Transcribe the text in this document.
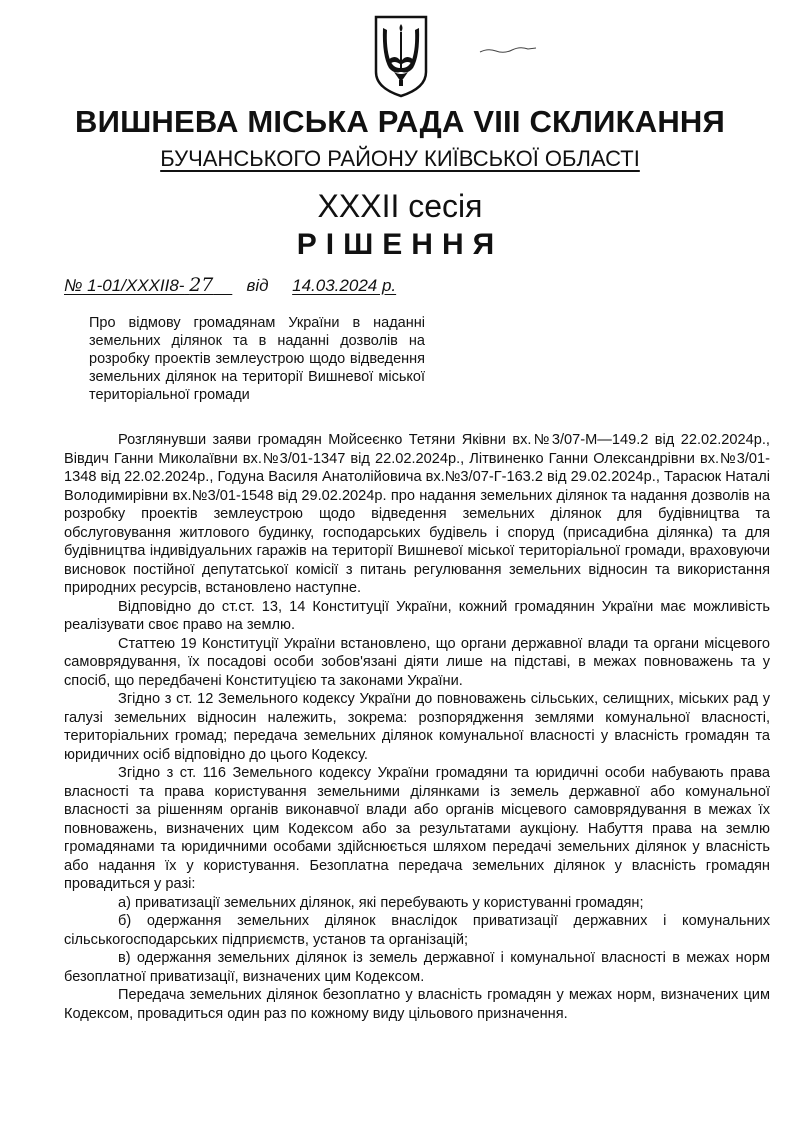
ВИШНЕВА МІСЬКА РАДА VIII СКЛИКАННЯ
БУЧАНСЬКОГО РАЙОНУ КИЇВСЬКОЇ ОБЛАСТІ
XXXII сесія
РІШЕННЯ
№ 1-01/XXXII8- 27 від 14.03.2024 р.
Про відмову громадянам України в наданні земельних ділянок та в наданні дозволів на розробку проектів землеустрою щодо відведення земельних ділянок на території Вишневої міської територіальної громади

Розглянувши заяви громадян Мойсеєнко Тетяни Яківни вх.№3/07-М—149.2 від 22.02.2024р., Вівдич Ганни Миколаївни вх.№3/01-1347 від 22.02.2024р., Літвиненко Ганни Олександрівни вх.№3/01-1348 від 22.02.2024р., Годуна Василя Анатолійовича вх.№3/07-Г-163.2 від 29.02.2024р., Тарасюк Наталі Володимирівни вх.№3/01-1548 від 29.02.2024р. про надання земельних ділянок та надання дозволів на розробку проектів землеустрою щодо відведення земельних ділянок для будівництва та обслуговування житлового будинку, господарських будівель і споруд (присадибна ділянка) та для будівництва індивідуальних гаражів на території Вишневої міської територіальної громади, враховуючи висновок постійної депутатської комісії з питань регулювання земельних відносин та використання природних ресурсів, встановлено наступне.

Відповідно до ст.ст. 13, 14 Конституції України, кожний громадянин України має можливість реалізувати своє право на землю.

Статтею 19 Конституції України встановлено, що органи державної влади та органи місцевого самоврядування, їх посадові особи зобов'язані діяти лише на підставі, в межах повноважень та у спосіб, що передбачені Конституцією та законами України.

Згідно з ст. 12 Земельного кодексу України до повноважень сільських, селищних, міських рад у галузі земельних відносин належить, зокрема: розпорядження землями комунальної власності, територіальних громад; передача земельних ділянок комунальної власності у власність громадян та юридичних осіб відповідно до цього Кодексу.

Згідно з ст. 116 Земельного кодексу України громадяни та юридичні особи набувають права власності та права користування земельними ділянками із земель державної або комунальної власності за рішенням органів виконавчої влади або органів місцевого самоврядування в межах їх повноважень, визначених цим Кодексом або за результатами аукціону. Набуття права на землю громадянами та юридичними особами здійснюється шляхом передачі земельних ділянок у власність або надання їх у користування. Безоплатна передача земельних ділянок у власність громадян провадиться у разі:

а) приватизації земельних ділянок, які перебувають у користуванні громадян;

б) одержання земельних ділянок внаслідок приватизації державних і комунальних сільськогосподарських підприємств, установ та організацій;

в) одержання земельних ділянок із земель державної і комунальної власності в межах норм безоплатної приватизації, визначених цим Кодексом.

Передача земельних ділянок безоплатно у власність громадян у межах норм, визначених цим Кодексом, провадиться один раз по кожному виду цільового призначення.
